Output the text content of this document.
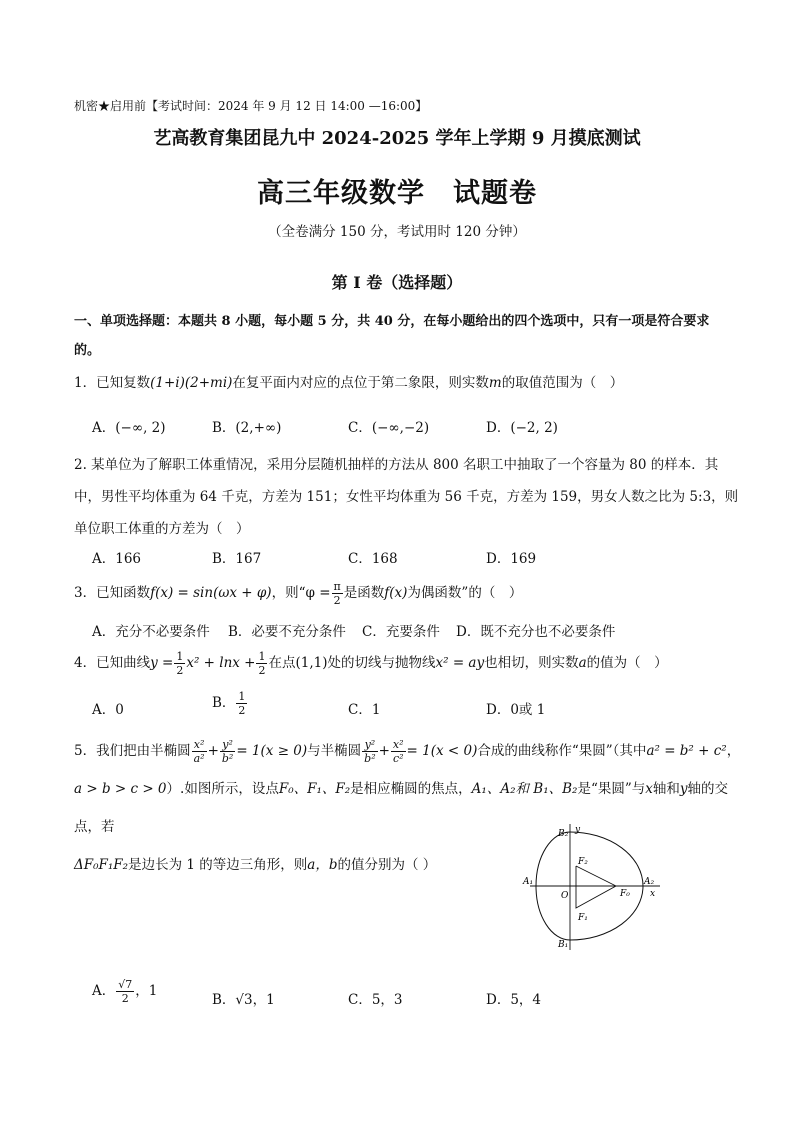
机密★启用前【考试时间：2024 年 9 月 12 日 14:00 —16:00】
艺高教育集团昆九中 2024-2025 学年上学期 9 月摸底测试
高三年级数学 试题卷
（全卷满分 150 分，考试用时 120 分钟）
第 I 卷（选择题）
一、单项选择题：本题共 8 小题，每小题 5 分，共 40 分，在每小题给出的四个选项中，只有一项是符合要求的。
1．已知复数(1+i)(2+mi)在复平面内对应的点位于第二象限，则实数m的取值范围为（　）
A．(−∞, 2)	B．(2,+∞)	C．(−∞,−2)	D．(−2, 2)
2. 某单位为了解职工体重情况，采用分层随机抽样的方法从 800 名职工中抽取了一个容量为 80 的样本．其中，男性平均体重为 64 千克，方差为 151；女性平均体重为 56 千克，方差为 159，男女人数之比为 5:3，则单位职工体重的方差为（　）
A．166	B．167	C．168	D．169
3．已知函数f(x) = sin(ωx + φ)，则“$\varphi = \frac{\pi}{2}$ 是函数f(x)为偶函数”的（　）
A．充分不必要条件 B．必要不充分条件 C．充要条件 D．既不充分也不必要条件
4．已知曲线$y = \frac{1}{2} x^2 + \ln x + \frac{1}{2}$ 在点(1,1)处的切线与抛物线x² = ay也相切，则实数a的值为（　）
A．0	B． $\frac{1}{2}$	C．1	D．0或 1
5．我们把由半椭圆 $\frac{\text{x²}}{\text{a²}} + \frac{\text{y²}}{\text{b²}} = 1(x \ge 0)$与半椭圆 $\frac{\text{y²}}{\text{b²}} + \frac{\text{x²}}{\text{c²}} = 1(x < 0)$合成的曲线称作“果圆”（其中a² = b² + c²，
a > b > c > 0）.如图所示，设点F₀、F₁、F₂是相应椭圆的焦点，A₁、A₂和 B₁、B₂是“果圆”与x轴和y轴的交点，若
ΔF₀F₁F₂是边长为 1 的等边三角形，则a，b的值分别为（ ）
B₂ y
F₂
A₁	A₂
O	F₀ x
F₁
B₁
A． $\frac{√7}{2}$ ，1
B．√3，1	C．5，3	D．5，4
